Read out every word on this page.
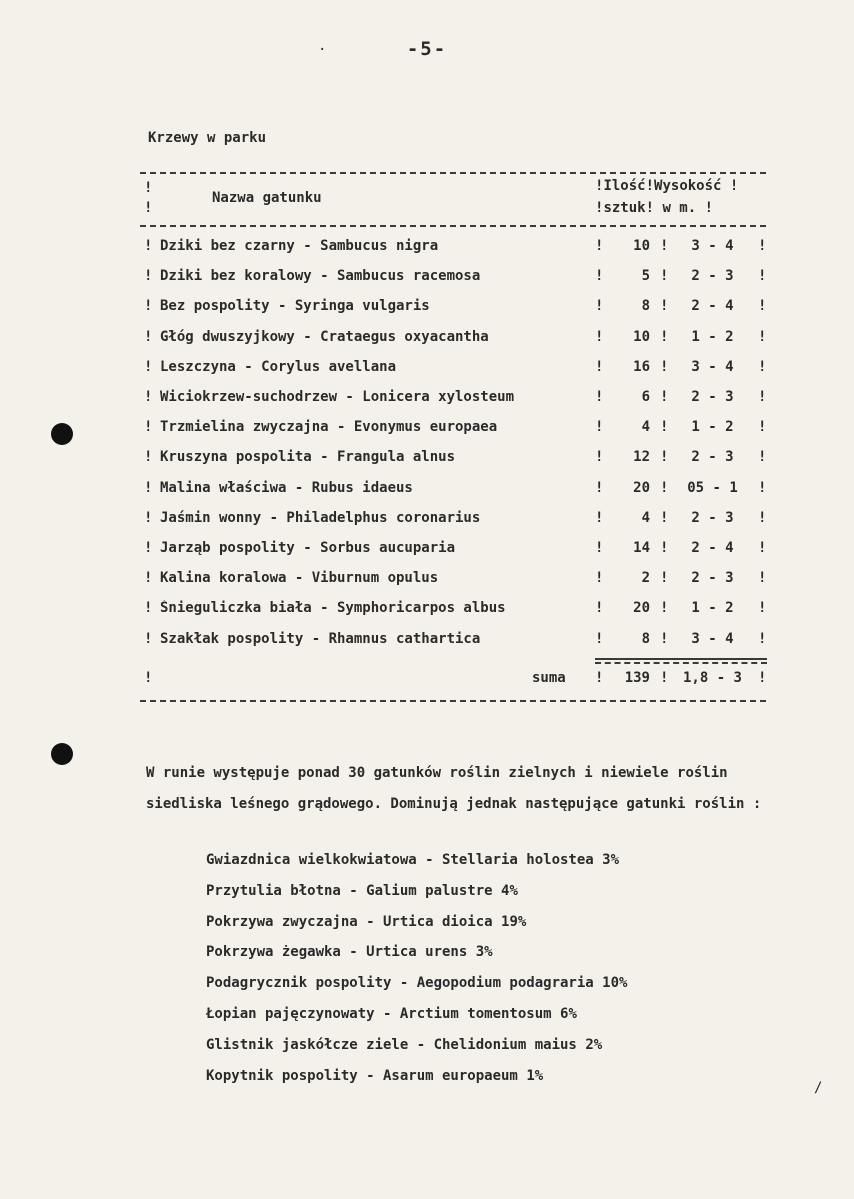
-5-
Krzewy w parku
!
!
Nazwa gatunku
!Ilość!Wysokość !
!sztuk! w m. !
! Dziki bez czarny - Sambucus nigra	!	10 !	3 - 4	!
! Dziki bez koralowy - Sambucus racemosa	!	5 !	2 - 3	!
! Bez pospolity - Syringa vulgaris	!	8 !	2 - 4	!
! Głóg dwuszyjkowy - Crataegus oxyacantha	!	10 !	1 - 2	!
! Leszczyna - Corylus avellana	!	16 !	3 - 4	!
! Wiciokrzew-suchodrzew - Lonicera xylosteum	!	6 !	2 - 3	!
! Trzmielina zwyczajna - Evonymus europaea	!	4 !	1 - 2	!
! Kruszyna pospolita - Frangula alnus	!	12 !	2 - 3	!
! Malina właściwa - Rubus idaeus	!	20 !	05 - 1	!
! Jaśmin wonny - Philadelphus coronarius	!	4 !	2 - 3	!
! Jarząb pospolity - Sorbus aucuparia	!	14 !	2 - 4	!
! Kalina koralowa - Viburnum opulus	!	2 !	2 - 3	!
! Śnieguliczka biała - Symphoricarpos albus	!	20 !	1 - 2	!
! Szakłak pospolity - Rhamnus cathartica	!	8 !	3 - 4	!
!	suma !	139 !	1,8 - 3	!
W runie występuje ponad 30 gatunków roślin zielnych i niewiele roślin siedliska leśnego grądowego. Dominują jednak następujące gatunki roślin :
Gwiazdnica wielkokwiatowa - Stellaria holostea 3%
Przytulia błotna - Galium palustre 4%
Pokrzywa zwyczajna - Urtica dioica 19%
Pokrzywa żegawka - Urtica urens 3%
Podagrycznik pospolity - Aegopodium podagraria 10%
Łopian pajęczynowaty - Arctium tomentosum 6%
Glistnik jaskółcze ziele - Chelidonium maius 2%
Kopytnik pospolity - Asarum europaeum 1%
·
/
